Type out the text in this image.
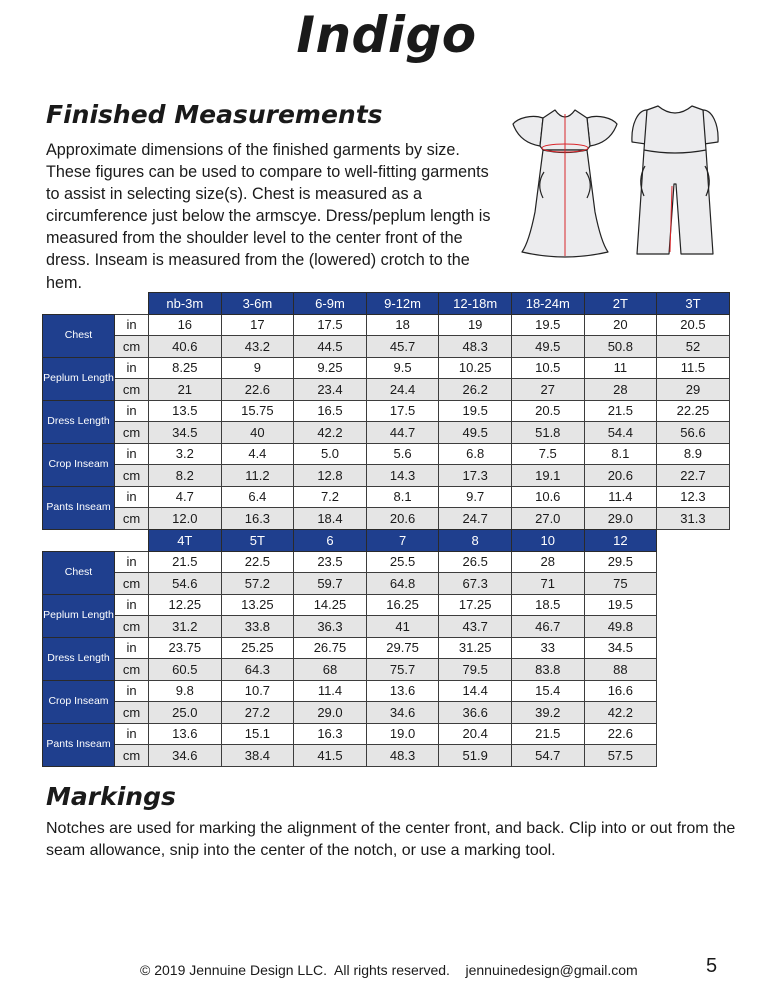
Indigo
Finished Measurements

Approximate dimensions of the finished garments by size. These figures can be used to compare to well-fitting garments to assist in selecting size(s). Chest is measured as a circumference just below the armscye. Dress/peplum length is measured from the shoulder level to the center front of the dress. Inseam is measured from the (lowered) crotch to the hem.

		nb-3m	3-6m	6-9m	9-12m	12-18m	18-24m	2T	3T
Chest	in	16	17	17.5	18	19	19.5	20	20.5
	cm	40.6	43.2	44.5	45.7	48.3	49.5	50.8	52
Peplum Length	in	8.25	9	9.25	9.5	10.25	10.5	11	11.5
	cm	21	22.6	23.4	24.4	26.2	27	28	29
Dress Length	in	13.5	15.75	16.5	17.5	19.5	20.5	21.5	22.25
	cm	34.5	40	42.2	44.7	49.5	51.8	54.4	56.6
Crop Inseam	in	3.2	4.4	5.0	5.6	6.8	7.5	8.1	8.9
	cm	8.2	11.2	12.8	14.3	17.3	19.1	20.6	22.7
Pants Inseam	in	4.7	6.4	7.2	8.1	9.7	10.6	11.4	12.3
	cm	12.0	16.3	18.4	20.6	24.7	27.0	29.0	31.3
		4T	5T	6	7	8	10	12
Chest	in	21.5	22.5	23.5	25.5	26.5	28	29.5
	cm	54.6	57.2	59.7	64.8	67.3	71	75
Peplum Length	in	12.25	13.25	14.25	16.25	17.25	18.5	19.5
	cm	31.2	33.8	36.3	41	43.7	46.7	49.8
Dress Length	in	23.75	25.25	26.75	29.75	31.25	33	34.5
	cm	60.5	64.3	68	75.7	79.5	83.8	88
Crop Inseam	in	9.8	10.7	11.4	13.6	14.4	15.4	16.6
	cm	25.0	27.2	29.0	34.6	36.6	39.2	42.2
Pants Inseam	in	13.6	15.1	16.3	19.0	20.4	21.5	22.6
	cm	34.6	38.4	41.5	48.3	51.9	54.7	57.5
Markings

Notches are used for marking the alignment of the center front, and back. Clip into or out from the seam allowance, snip into the center of the notch, or use a marking tool.

© 2019 Jennuine Design LLC.  All rights reserved.    jennuinedesign@gmail.com	5
